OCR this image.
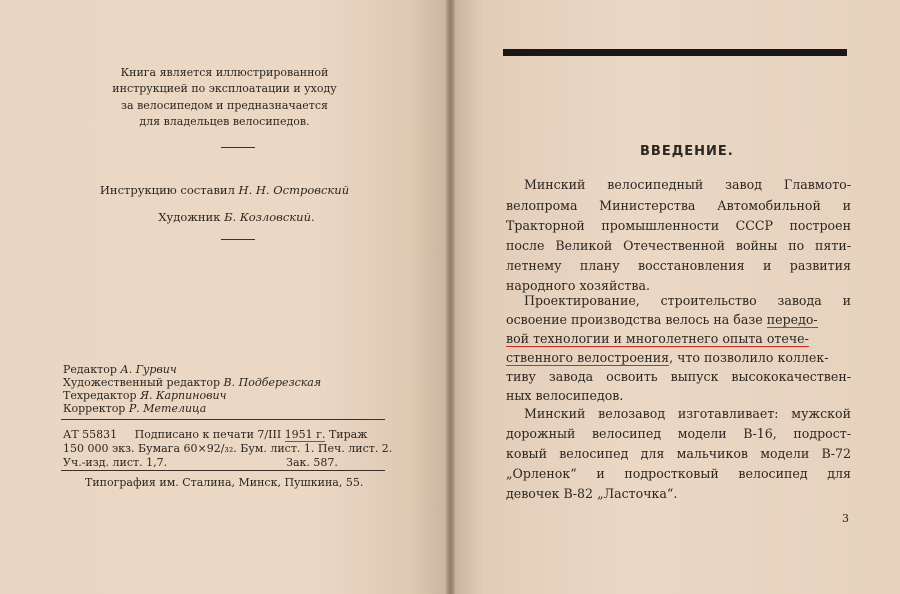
Книга является иллюстрированной
инструкцией по эксплоатации и уходу
за велосипедом и предназначается
для владельцев велосипедов.
Инструкцию составил Н. Н. Островский
Художник Б. Козловский.
Редактор А. Гурвич
Художественный редактор В. Подберезская
Техредактор Я. Карпинович
Корректор Р. Метелица
АТ 55831 Подписано к печати 7/III 1951 г. Тираж
150 000 экз. Бумага 60×92/₃₂. Бум. лист. 1. Печ. лист. 2.
Уч.-изд. лист. 1,7.	Зак. 587.
Типография им. Сталина, Минск, Пушкина, 55.
ВВЕДЕНИЕ.
Минский велосипедный завод Главмото-
велопрома Министерства Автомобильной и
Тракторной промышленности СССР построен
после Великой Отечественной войны по пяти-
летнему плану восстановления и развития
народного хозяйства.
Проектирование, строительство завода и
освоение производства велось на базе передо-
вой технологии и многолетнего опыта отече-
ственного велостроения, что позволило коллек-
тиву завода освоить выпуск высококачествен-
ных велосипедов.
Минский велозавод изготавливает: мужской
дорожный велосипед модели В-16, подрост-
ковый велосипед для мальчиков модели В-72
„Орленок“ и подростковый велосипед для
девочек В-82 „Ласточка“.
3
